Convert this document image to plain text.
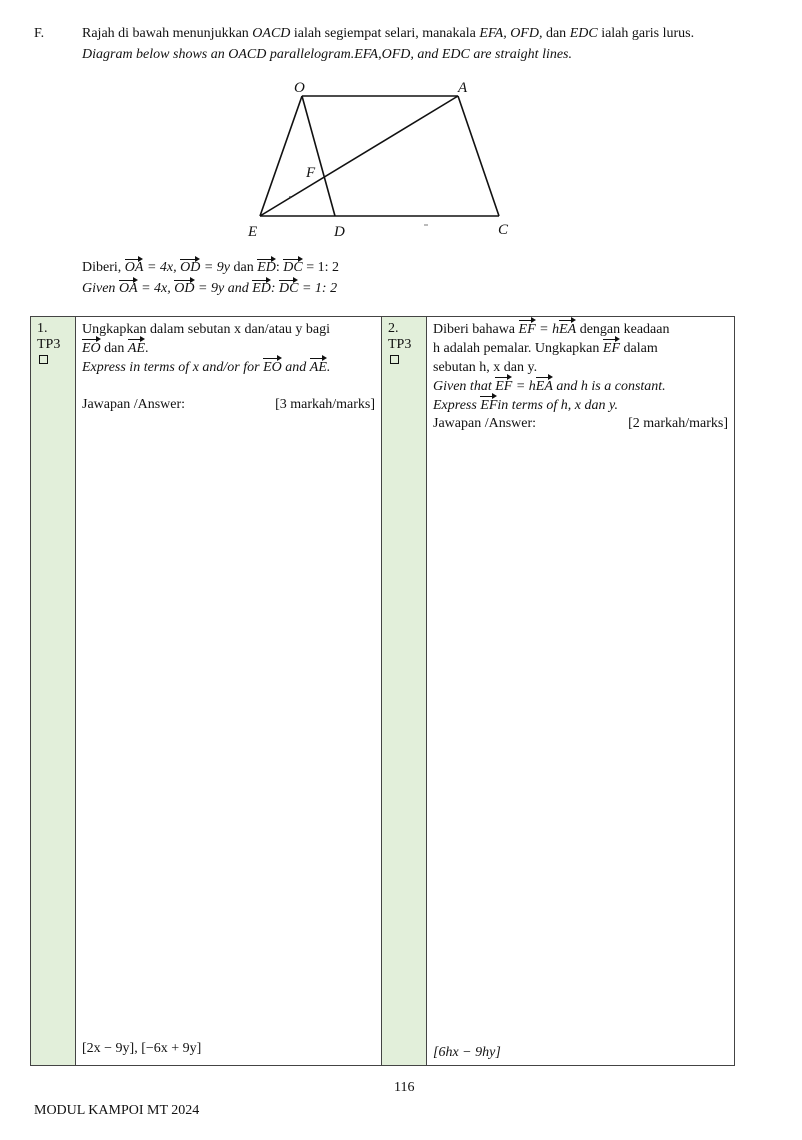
F.	Rajah di bawah menunjukkan OACD ialah segiempat selari, manakala EFA, OFD, dan EDC ialah garis lurus.
Diagram below shows an OACD parallelogram.EFA,OFD, and EDC are straight lines.
O	A
F
E	D	C
Diberi, OA = 4x, OD = 9y dan ED: DC = 1: 2
Given OA = 4x, OD = 9y and ED: DC = 1: 2
1.
TP3

Ungkapkan dalam sebutan x dan/atau y bagi
EO dan AE.
Express in terms of x and/or for EO and AE.
Jawapan /Answer:	[3 markah/marks]
[2x − 9y], [−6x + 9y]

2.
TP3

Diberi bahawa EF = hEA dengan keadaan
h adalah pemalar. Ungkapkan EF dalam
sebutan h, x dan y.
Given that EF = hEA and h is a constant.
Express EFin terms of h, x dan y.
Jawapan /Answer:	[2 markah/marks]
[6hx − 9hy]
116
MODUL KAMPOI MT 2024
